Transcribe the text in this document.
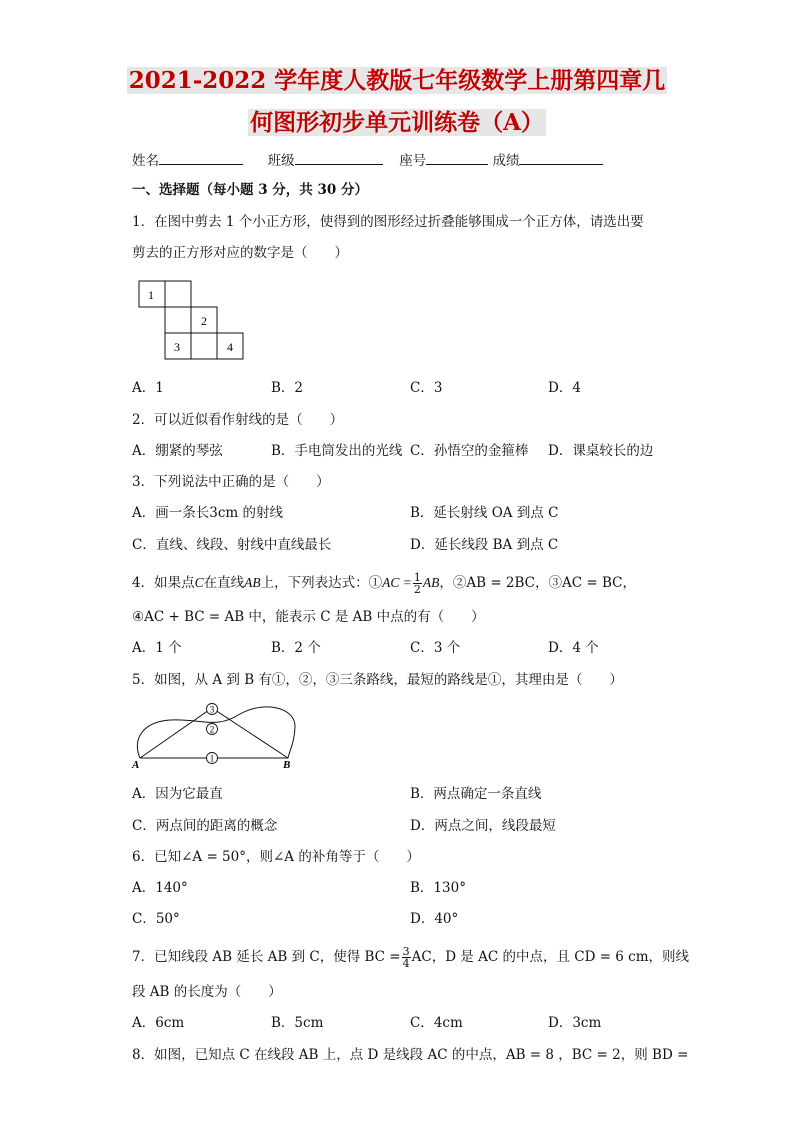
2021-2022 学年度人教版七年级数学上册第四章几
何图形初步单元训练卷（A）
姓名	班级	座号	成绩
一、选择题（每小题 3 分，共 30 分）
1．在图中剪去 1 个小正方形，使得到的图形经过折叠能够围成一个正方体，请选出要
剪去的正方形对应的数字是（　　）
1
2
3	4
A．1	B．2	C．3	D．4
2．可以近似看作射线的是（　　）
A．绷紧的琴弦	B．手电筒发出的光线 C．孙悟空的金箍棒 D．课桌较长的边
3．下列说法中正确的是（　　）
A．画一条长3cm 的射线	B．延长射线 OA 到点 C
C．直线、线段、射线中直线最长	D．延长线段 BA 到点 C
4．如果点C在直线AB上，下列表达式：①AC = $\frac{1}{2}$ AB，②AB = 2BC，③AC = BC，
④AC + BC = AB 中，能表示 C 是 AB 中点的有（　　）
A．1 个	B．2 个	C．3 个	D．4 个
5．如图，从 A 到 B 有①，②，③三条路线，最短的路线是①，其理由是（　　）
3
2
1
A	B
A．因为它最直	B．两点确定一条直线
C．两点间的距离的概念	D．两点之间，线段最短
6．已知∠A = 50°，则∠A 的补角等于（　　）
A．140°	B．130°
C．50°	D．40°
7．已知线段 AB 延长 AB 到 C，使得 BC = $\frac{3}{4}$ AC，D 是 AC 的中点，且 CD = 6 cm，则线
段 AB 的长度为（　　）
A．6cm	B．5cm	C．4cm	D．3cm
8．如图，已知点 C 在线段 AB 上，点 D 是线段 AC 的中点，AB = 8 ，BC = 2，则 BD =
